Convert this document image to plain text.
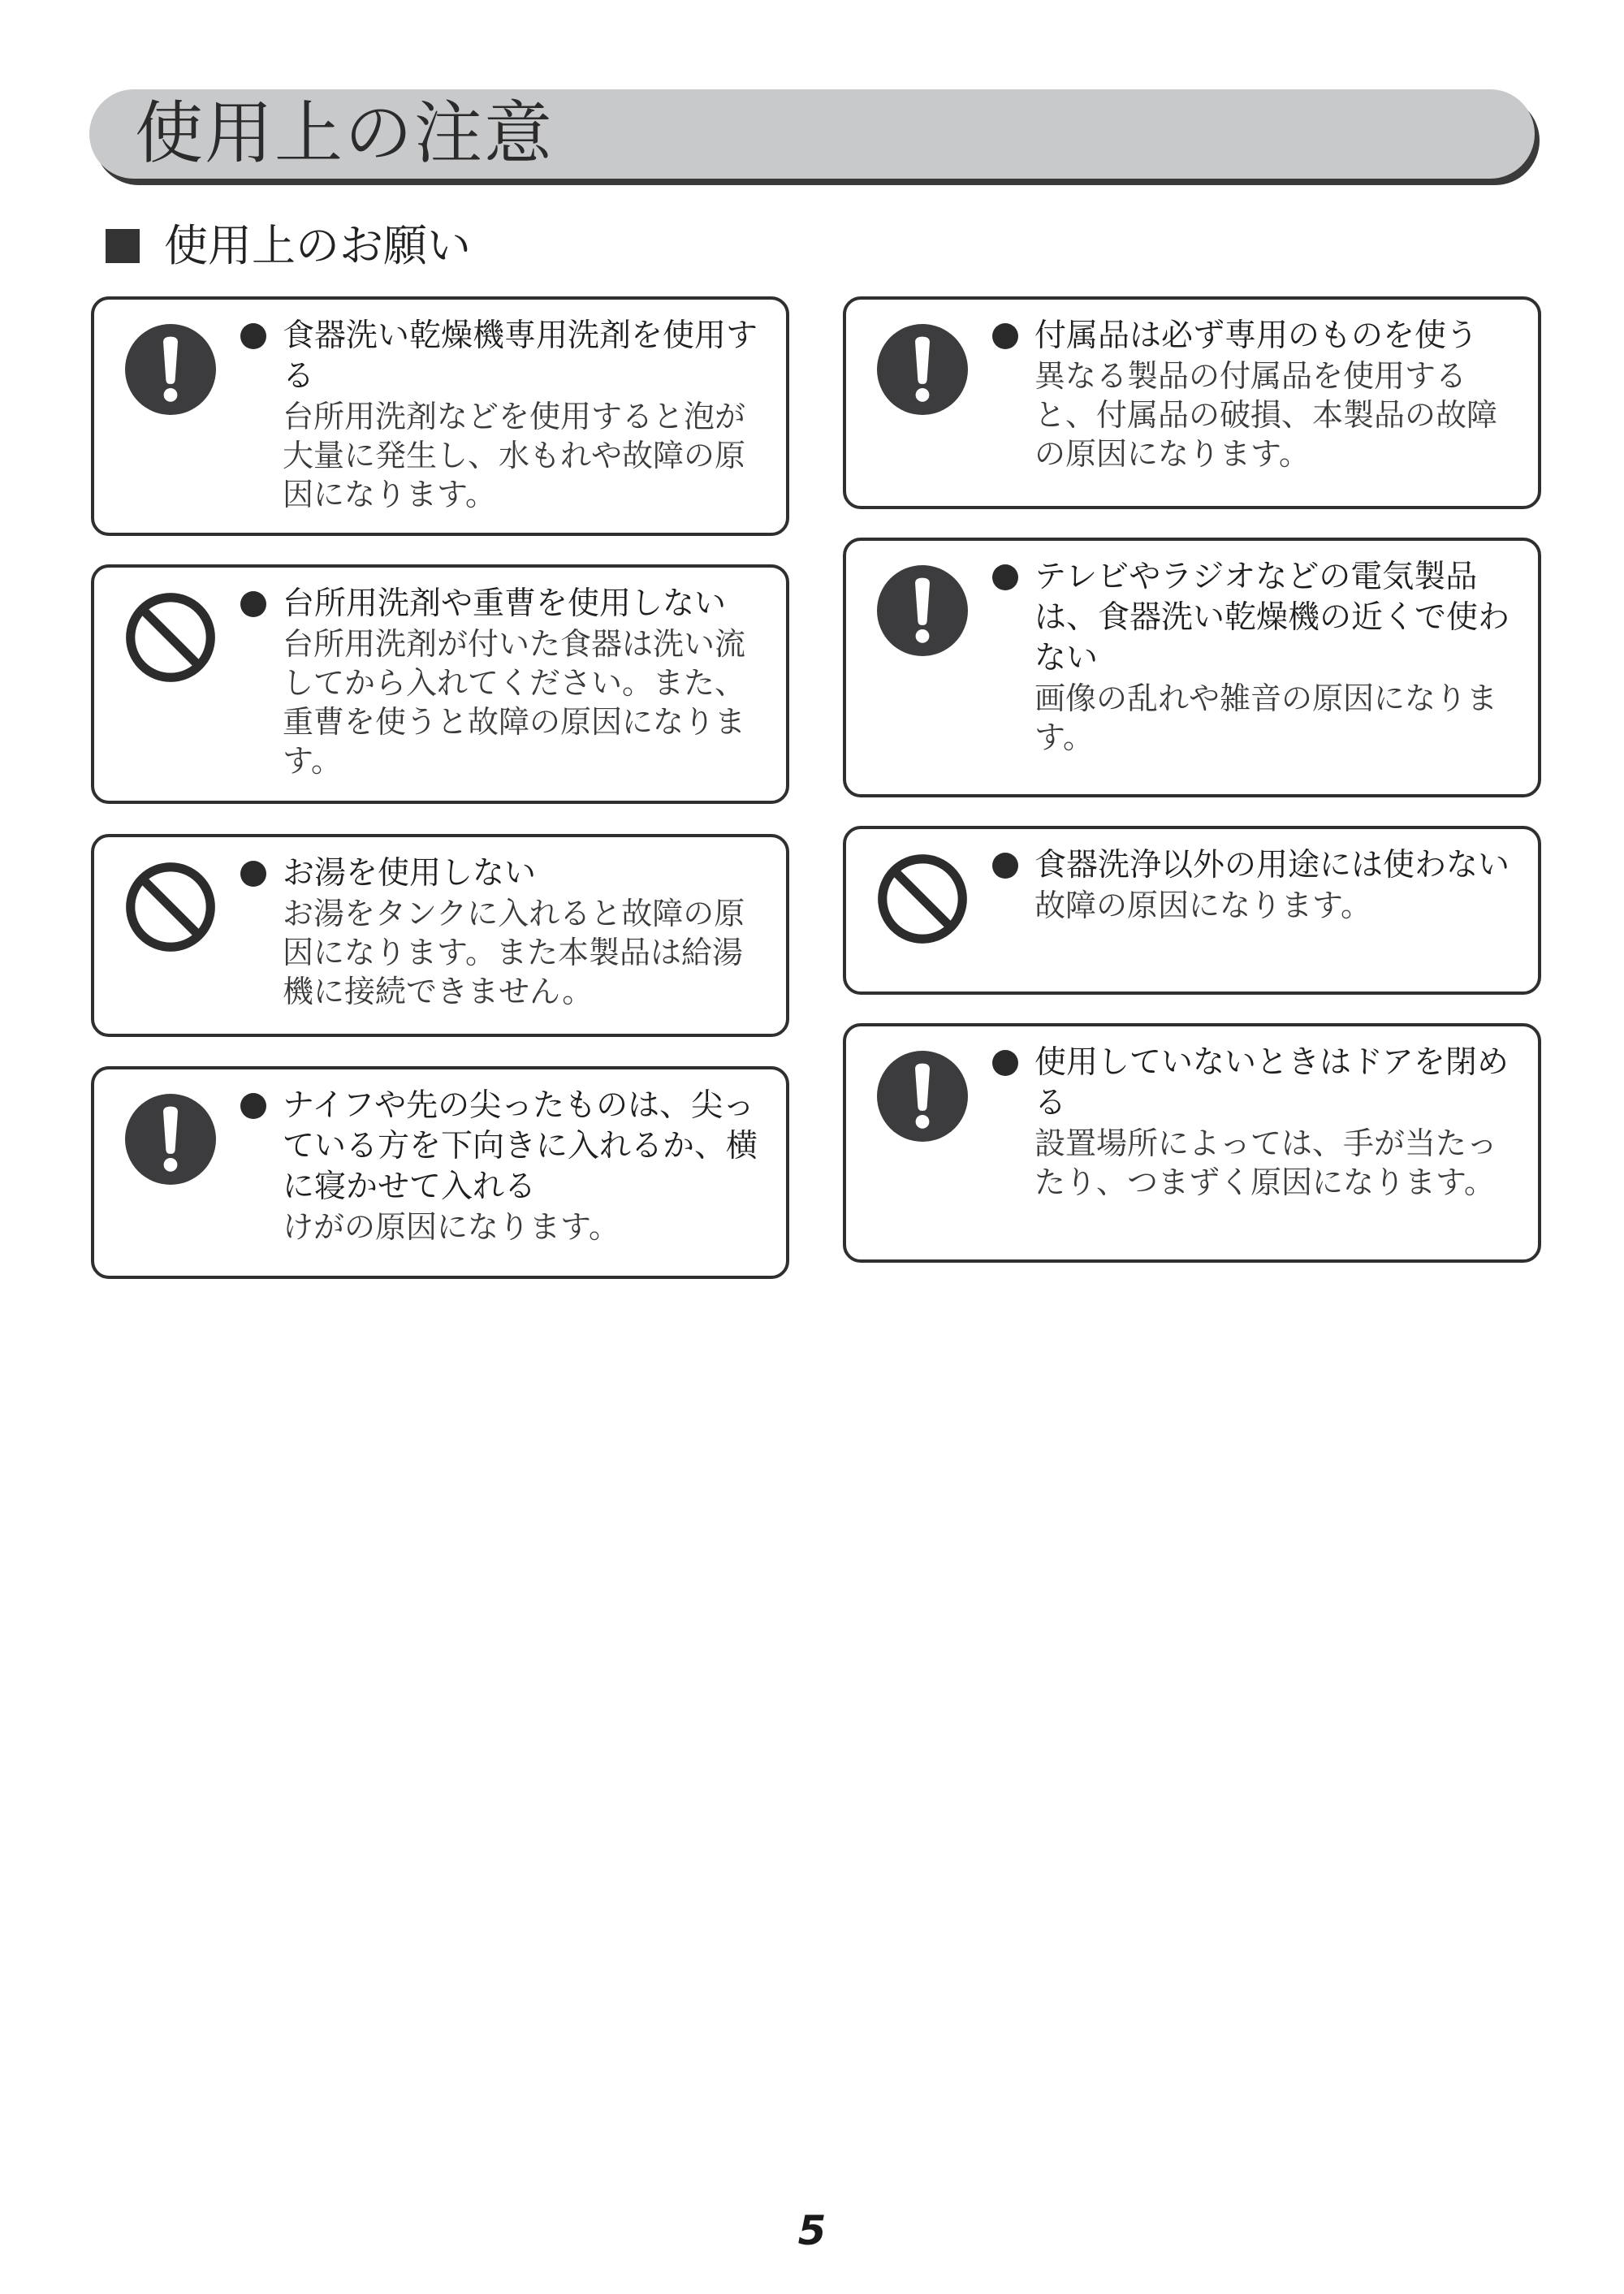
使用上の注意
使用上のお願い
食器洗い乾燥機専用洗剤を使用する
台所用洗剤などを使用すると泡が大量に発生し、水もれや故障の原因になります。
台所用洗剤や重曹を使用しない
台所用洗剤が付いた食器は洗い流してから入れてください。また、重曹を使うと故障の原因になります。
お湯を使用しない
お湯をタンクに入れると故障の原因になります。また本製品は給湯機に接続できません。
ナイフや先の尖ったものは、尖っている方を下向きに入れるか、横に寝かせて入れる
けがの原因になります。
付属品は必ず専用のものを使う
異なる製品の付属品を使用すると、付属品の破損、本製品の故障の原因になります。
テレビやラジオなどの電気製品は、食器洗い乾燥機の近くで使わない
画像の乱れや雑音の原因になります。
食器洗浄以外の用途には使わない
故障の原因になります。
使用していないときはドアを閉める
設置場所によっては、手が当たったり、つまずく原因になります。
5
